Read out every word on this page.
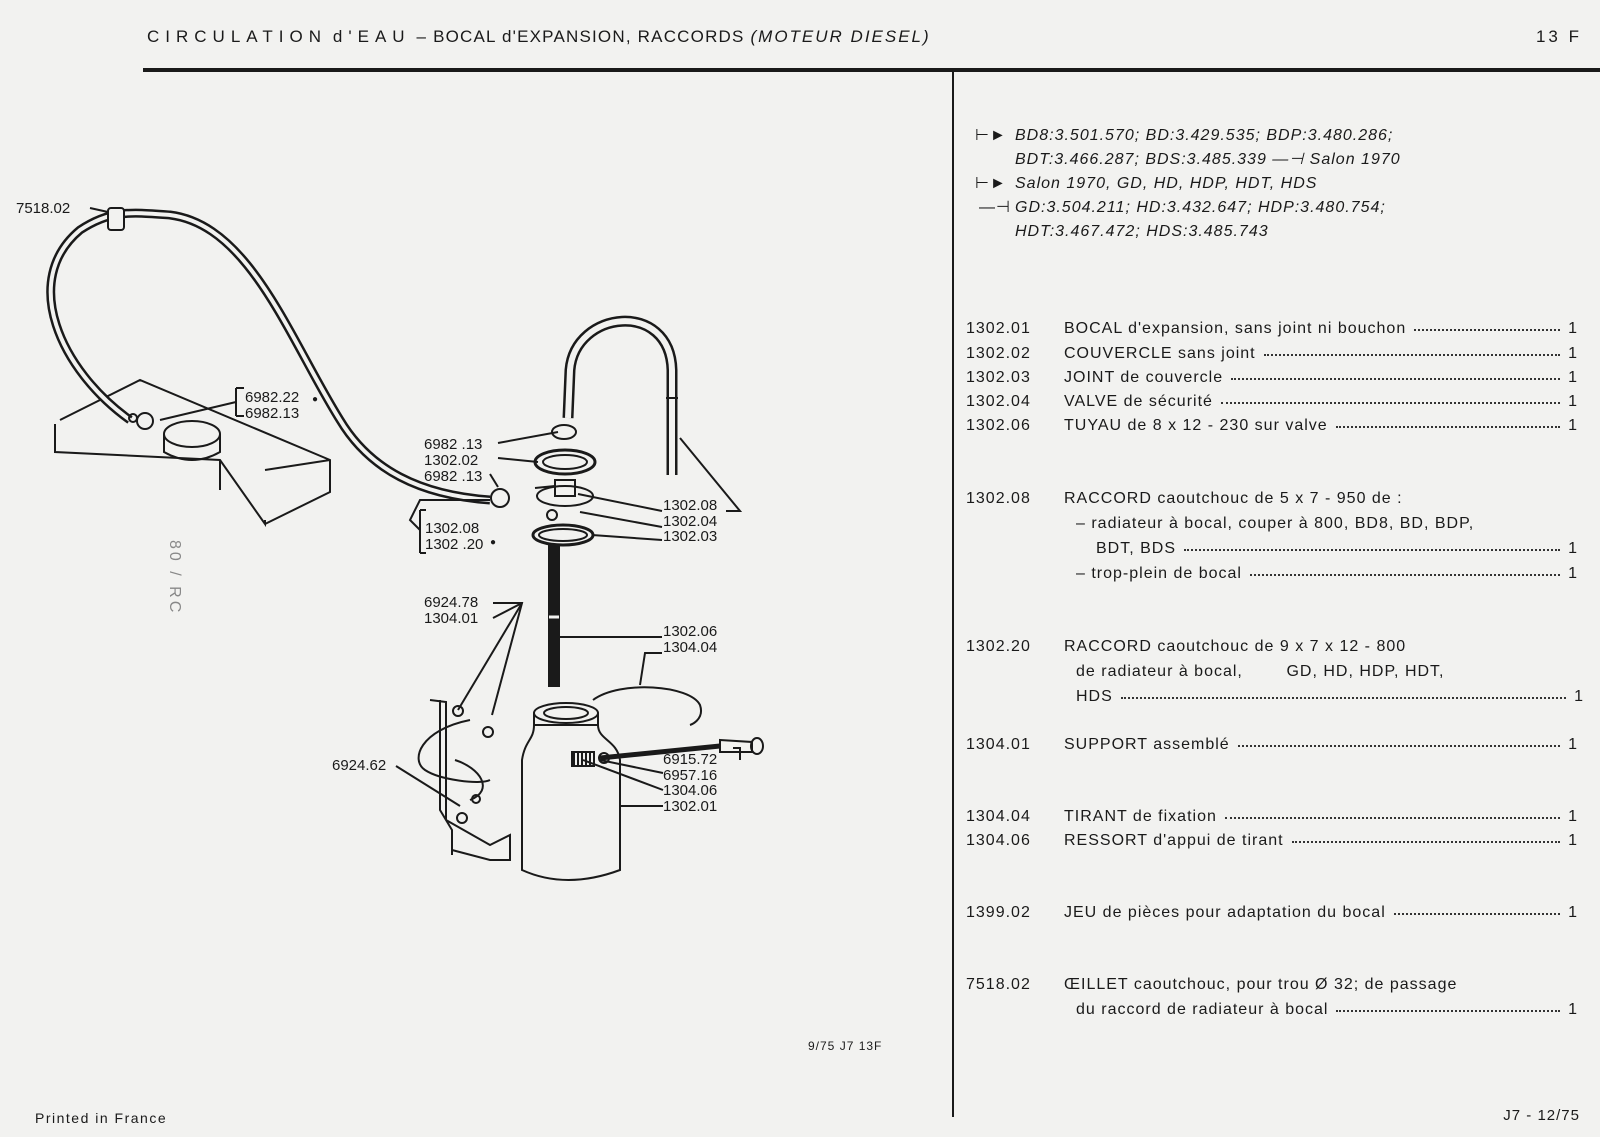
CIRCULATION d'EAU – BOCAL d'EXPANSION, RACCORDS (MOTEUR DIESEL)	13 F
7518.02
6982.22 ●
6982.13
6982 .13
1302.02
6982 .13
1302.08
1302 .20 ●
1302.08
1302.04
1302.03
6924.78
1304.01
1302.06
1304.04
6924.62	6915.72
6957.16
1304.06
1302.01
80 / RC
⊢► BD8:3.501.570; BD:3.429.535; BDP:3.480.286;
BDT:3.466.287; BDS:3.485.339 —⊣ Salon 1970
⊢► Salon 1970, GD, HD, HDP, HDT, HDS
—⊣ GD:3.504.211; HD:3.432.647; HDP:3.480.754;
HDT:3.467.472; HDS:3.485.743
1302.01 BOCAL d'expansion, sans joint ni bouchon	1
1302.02 COUVERCLE sans joint	1
1302.03 JOINT de couvercle	1
1302.04 VALVE de sécurité	1
1302.06 TUYAU de 8 x 12 - 230 sur valve	1
1302.08 RACCORD caoutchouc de 5 x 7 - 950 de :
– radiateur à bocal, couper à 800, BD8, BD, BDP,
BDT, BDS	1
– trop-plein de bocal	1
1302.20 RACCORD caoutchouc de 9 x 7 x 12 - 800
de radiateur à bocal,        GD, HD, HDP, HDT,
HDS	1
1304.01 SUPPORT assemblé	1
1304.04 TIRANT de fixation	1
1304.06 RESSORT d'appui de tirant	1
1399.02 JEU de pièces pour adaptation du bocal	1
7518.02 ŒILLET caoutchouc, pour trou Ø 32; de passage
du raccord de radiateur à bocal	1
9/75 J7 13F
Printed in France	J7 - 12/75
